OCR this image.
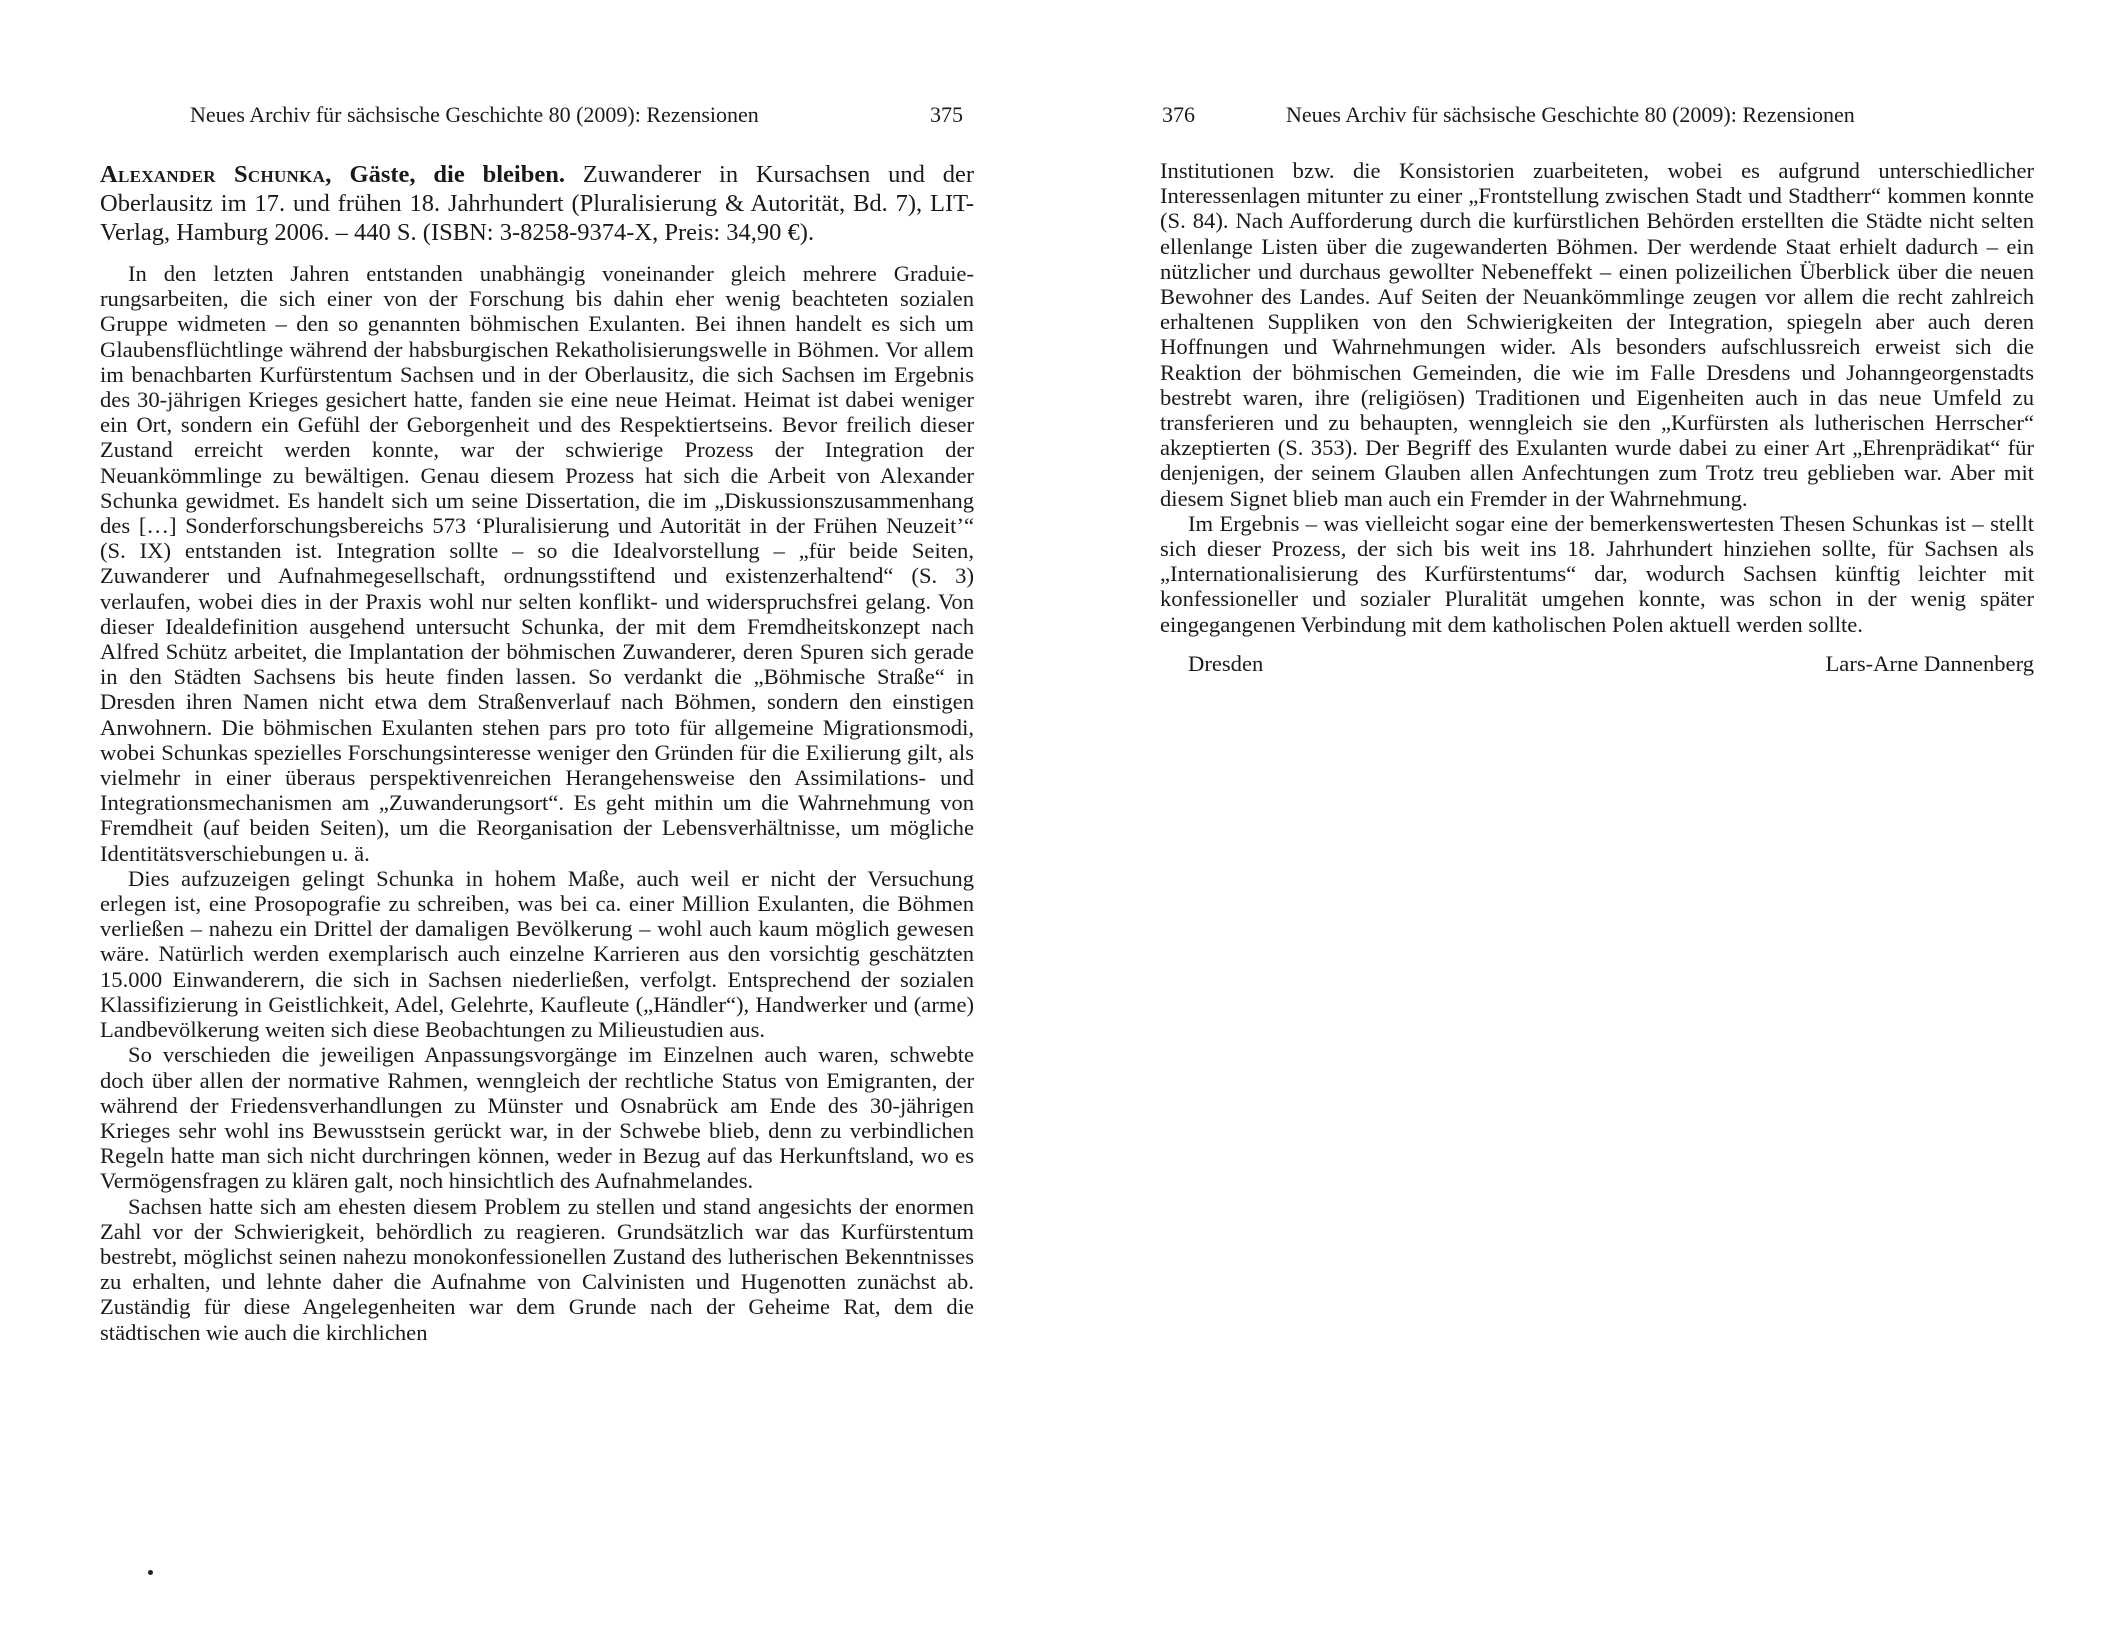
Neues Archiv für sächsische Geschichte 80 (2009): Rezensionen	375

Alexander Schunka, Gäste, die bleiben. Zuwanderer in Kursachsen und der Oberlausitz im 17. und frühen 18. Jahrhundert (Pluralisierung & Autorität, Bd. 7), LIT-Verlag, Hamburg 2006. – 440 S. (ISBN: 3-8258-9374-X, Preis: 34,90 €).

In den letzten Jahren entstanden unabhängig voneinander gleich mehrere Graduierungsarbeiten, die sich einer von der Forschung bis dahin eher wenig beachteten sozialen Gruppe widmeten – den so genannten böhmischen Exulanten. Bei ihnen handelt es sich um Glaubensflüchtlinge während der habsburgischen Rekatholisierungswelle in Böhmen. Vor allem im benachbarten Kurfürstentum Sachsen und in der Oberlausitz, die sich Sachsen im Ergebnis des 30-jährigen Krieges gesichert hatte, fanden sie eine neue Heimat. Heimat ist dabei weniger ein Ort, sondern ein Gefühl der Geborgenheit und des Respektiertseins. Bevor freilich dieser Zustand erreicht werden konnte, war der schwierige Prozess der Integration der Neuankömmlinge zu bewältigen. Genau diesem Prozess hat sich die Arbeit von Alexander Schunka gewidmet. Es handelt sich um seine Dissertation, die im „Diskussionszusammenhang des […] Sonderforschungsbereichs 573 ‘Pluralisierung und Autorität in der Frühen Neuzeit’“ (S. IX) entstanden ist. Integration sollte – so die Idealvorstellung – „für beide Seiten, Zuwanderer und Aufnahmegesellschaft, ordnungsstiftend und existenzerhaltend“ (S. 3) verlaufen, wobei dies in der Praxis wohl nur selten konflikt- und widerspruchsfrei gelang. Von dieser Idealdefinition ausgehend untersucht Schunka, der mit dem Fremdheitskonzept nach Alfred Schütz arbeitet, die Implantation der böhmischen Zuwanderer, deren Spuren sich gerade in den Städten Sachsens bis heute finden lassen. So verdankt die „Böhmische Straße“ in Dresden ihren Namen nicht etwa dem Straßenverlauf nach Böhmen, sondern den einstigen Anwohnern. Die böhmischen Exulanten stehen pars pro toto für allgemeine Migrationsmodi, wobei Schunkas spezielles Forschungsinteresse weniger den Gründen für die Exilierung gilt, als vielmehr in einer überaus perspektivenreichen Herangehensweise den Assimilations- und Integrationsmechanismen am „Zuwanderungsort“. Es geht mithin um die Wahrnehmung von Fremdheit (auf beiden Seiten), um die Reorganisation der Lebensverhältnisse, um mögliche Identitätsverschiebungen u. ä.

Dies aufzuzeigen gelingt Schunka in hohem Maße, auch weil er nicht der Versuchung erlegen ist, eine Prosopografie zu schreiben, was bei ca. einer Million Exulanten, die Böhmen verließen – nahezu ein Drittel der damaligen Bevölkerung – wohl auch kaum möglich gewesen wäre. Natürlich werden exemplarisch auch einzelne Karrieren aus den vorsichtig geschätzten 15.000 Einwanderern, die sich in Sachsen niederließen, verfolgt. Entsprechend der sozialen Klassifizierung in Geistlichkeit, Adel, Gelehrte, Kaufleute („Händler“), Handwerker und (arme) Landbevölkerung weiten sich diese Beobachtungen zu Milieustudien aus.

So verschieden die jeweiligen Anpassungsvorgänge im Einzelnen auch waren, schwebte doch über allen der normative Rahmen, wenngleich der rechtliche Status von Emigranten, der während der Friedensverhandlungen zu Münster und Osnabrück am Ende des 30-jährigen Krieges sehr wohl ins Bewusstsein gerückt war, in der Schwebe blieb, denn zu verbindlichen Regeln hatte man sich nicht durchringen können, weder in Bezug auf das Herkunftsland, wo es Vermögensfragen zu klären galt, noch hinsichtlich des Aufnahmelandes.

Sachsen hatte sich am ehesten diesem Problem zu stellen und stand angesichts der enormen Zahl vor der Schwierigkeit, behördlich zu reagieren. Grundsätzlich war das Kurfürstentum bestrebt, möglichst seinen nahezu monokonfessionellen Zustand des lutherischen Bekenntnisses zu erhalten, und lehnte daher die Aufnahme von Calvinisten und Hugenotten zunächst ab. Zuständig für diese Angelegenheiten war dem Grunde nach der Geheime Rat, dem die städtischen wie auch die kirchlichen

376	Neues Archiv für sächsische Geschichte 80 (2009): Rezensionen

Institutionen bzw. die Konsistorien zuarbeiteten, wobei es aufgrund unterschiedlicher Interessenlagen mitunter zu einer „Frontstellung zwischen Stadt und Stadtherr“ kommen konnte (S. 84). Nach Aufforderung durch die kurfürstlichen Behörden erstellten die Städte nicht selten ellenlange Listen über die zugewanderten Böhmen. Der werdende Staat erhielt dadurch – ein nützlicher und durchaus gewollter Nebeneffekt – einen polizeilichen Überblick über die neuen Bewohner des Landes. Auf Seiten der Neuankömmlinge zeugen vor allem die recht zahlreich erhaltenen Suppliken von den Schwierigkeiten der Integration, spiegeln aber auch deren Hoffnungen und Wahrnehmungen wider. Als besonders aufschlussreich erweist sich die Reaktion der böhmischen Gemeinden, die wie im Falle Dresdens und Johanngeorgenstadts bestrebt waren, ihre (religiösen) Traditionen und Eigenheiten auch in das neue Umfeld zu transferieren und zu behaupten, wenngleich sie den „Kurfürsten als lutherischen Herrscher“ akzeptierten (S. 353). Der Begriff des Exulanten wurde dabei zu einer Art „Ehrenprädikat“ für denjenigen, der seinem Glauben allen Anfechtungen zum Trotz treu geblieben war. Aber mit diesem Signet blieb man auch ein Fremder in der Wahrnehmung.

Im Ergebnis – was vielleicht sogar eine der bemerkenswertesten Thesen Schunkas ist – stellt sich dieser Prozess, der sich bis weit ins 18. Jahrhundert hinziehen sollte, für Sachsen als „Internationalisierung des Kurfürstentums“ dar, wodurch Sachsen künftig leichter mit konfessioneller und sozialer Pluralität umgehen konnte, was schon in der wenig später eingegangenen Verbindung mit dem katholischen Polen aktuell werden sollte.

Dresden	Lars-Arne Dannenberg
